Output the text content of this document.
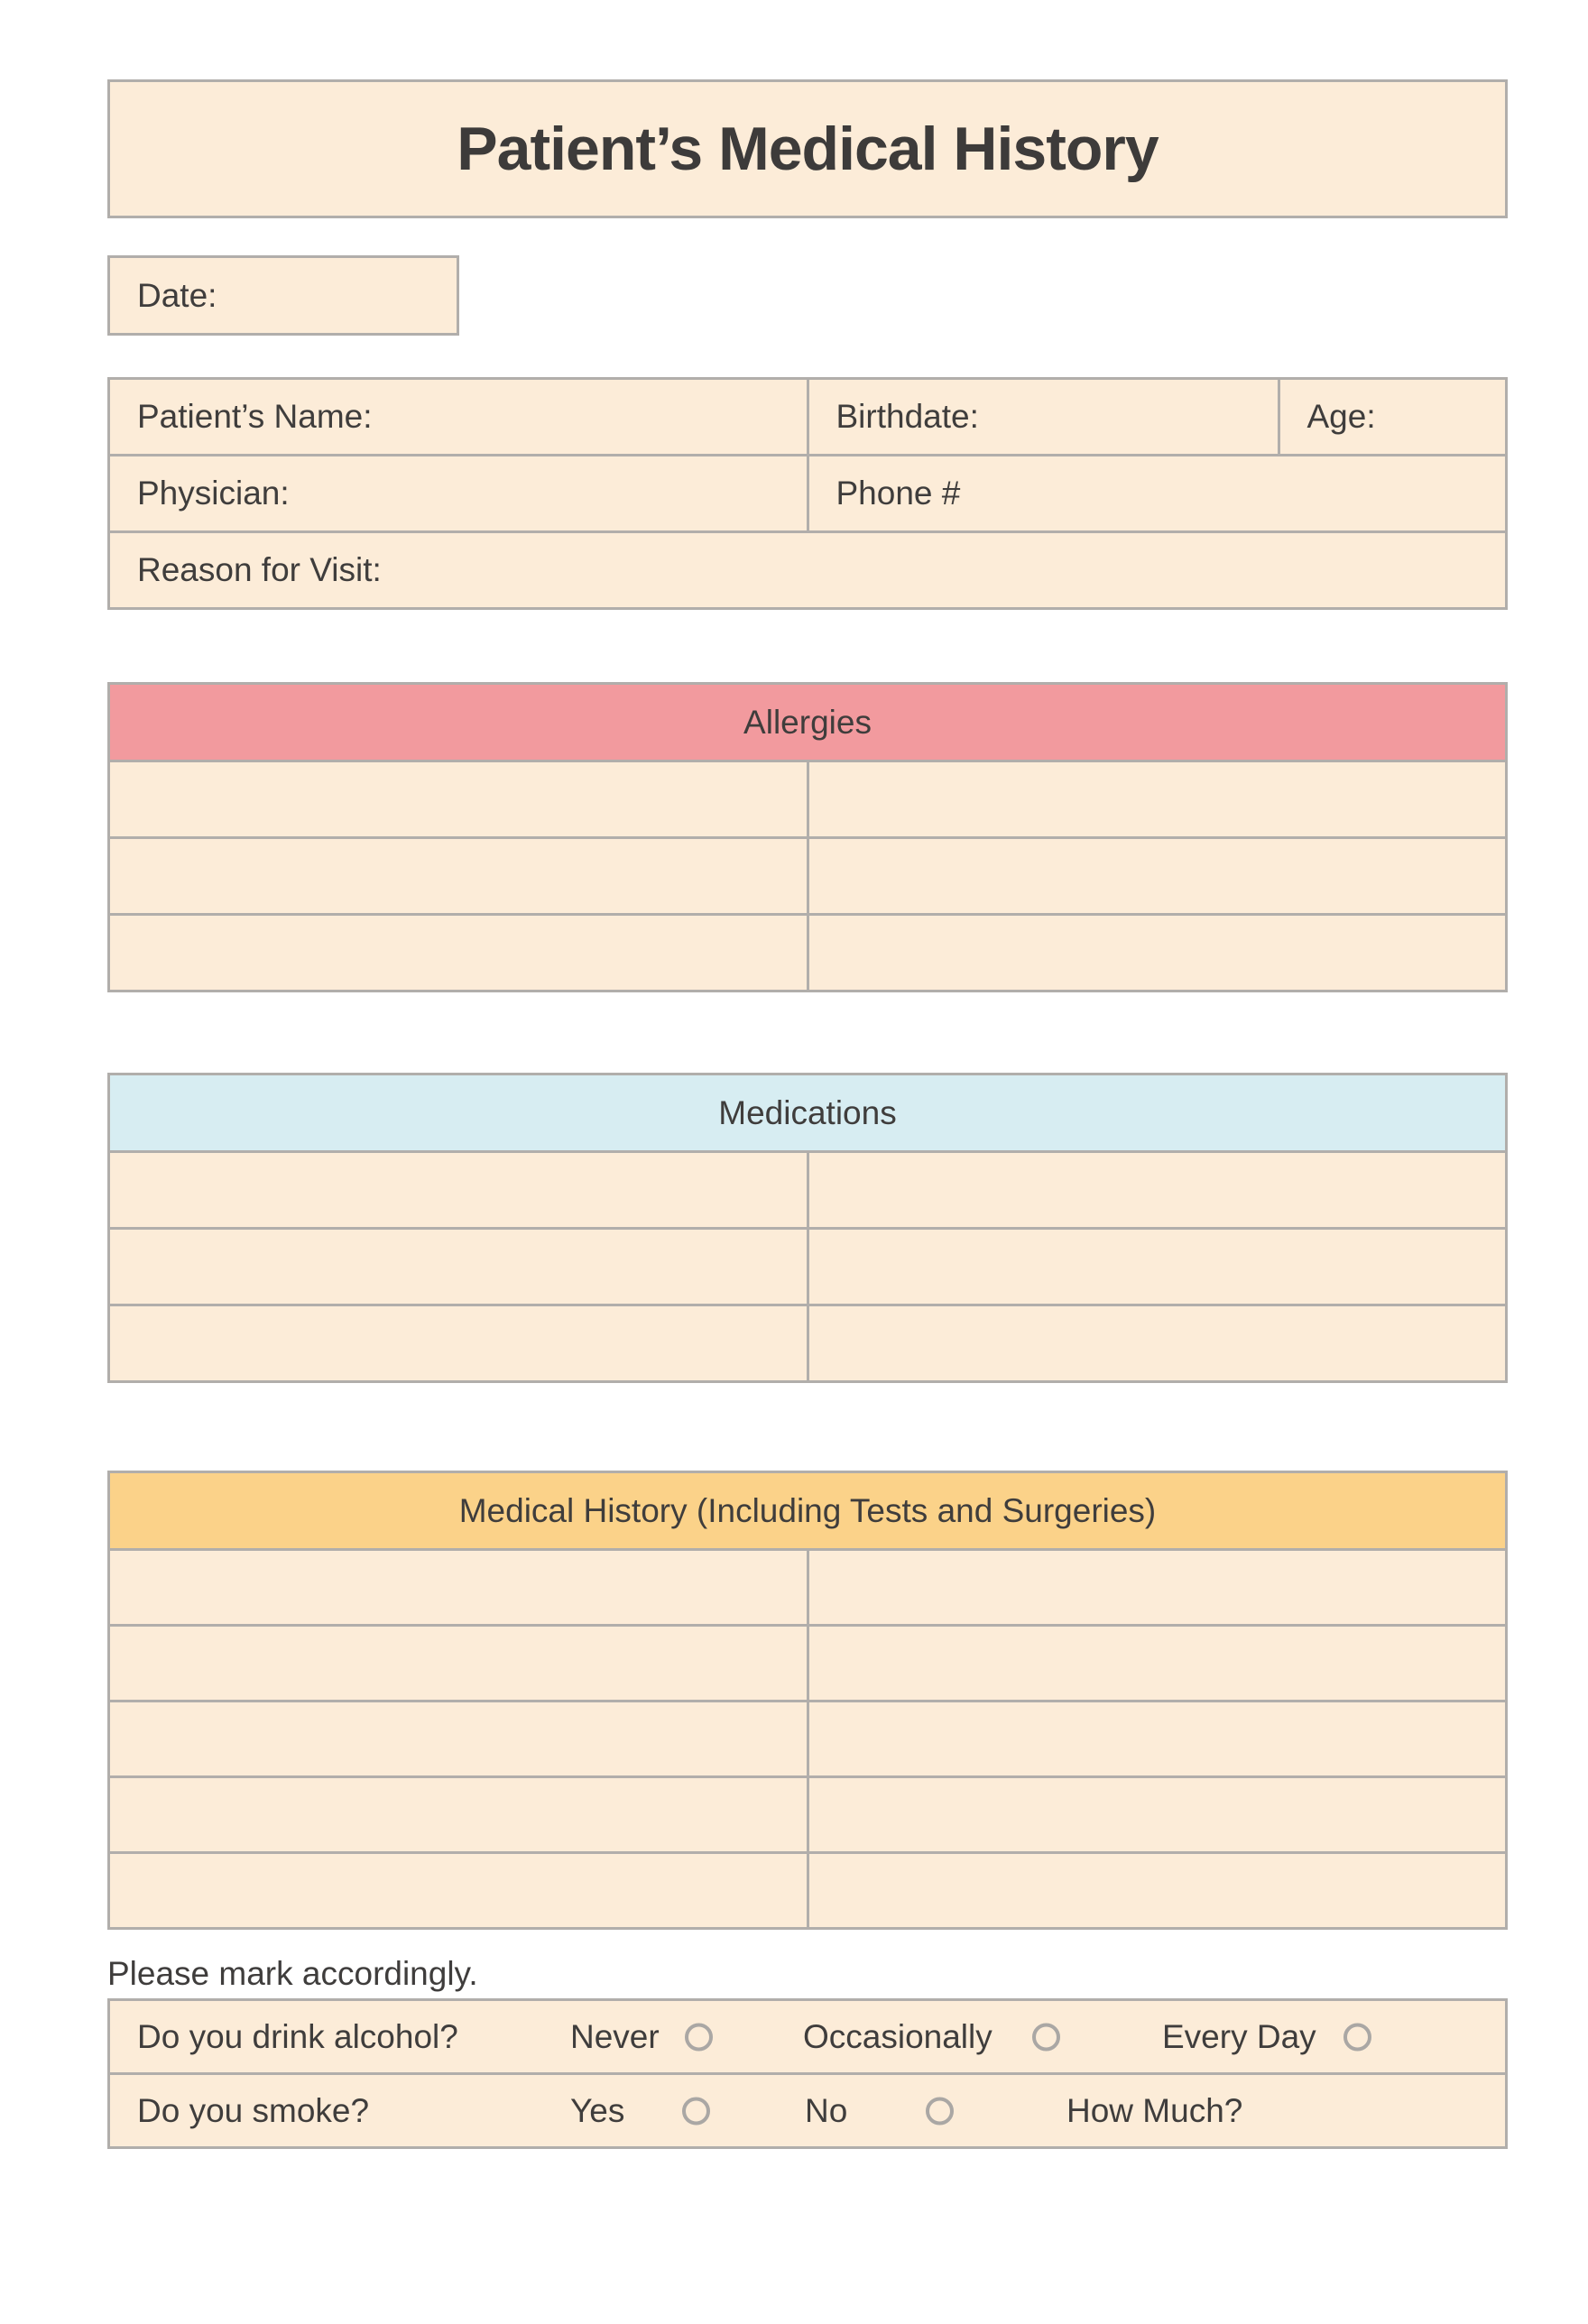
Patient’s Medical History
Date:
Patient’s Name:	Birthdate:	Age:
Physician:	Phone #	
Reason for Visit:		
Allergies	

Medications	

Medical History (Including Tests and Surgeries)	

Please mark accordingly.

Do you drink alcohol?	Never	Occasionally	Every Day

Do you smoke?	Yes	No	How Much?
